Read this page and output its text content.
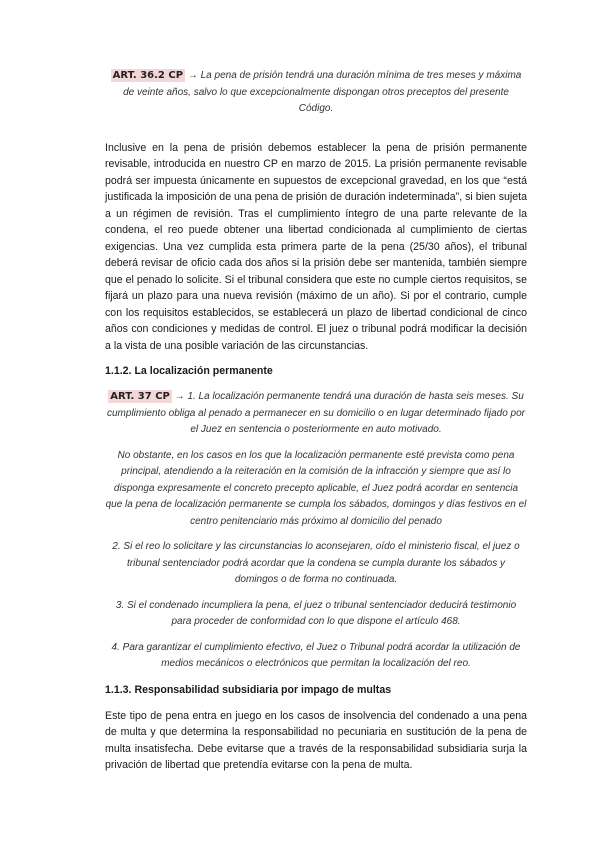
ART. 36.2 CP → La pena de prisión tendrá una duración mínima de tres meses y máxima de veinte años, salvo lo que excepcionalmente dispongan otros preceptos del presente Código.

Inclusive en la pena de prisión debemos establecer la pena de prisión permanente revisable, introducida en nuestro CP en marzo de 2015. La prisión permanente revisable podrá ser impuesta únicamente en supuestos de excepcional gravedad, en los que “está justificada la imposición de una pena de prisión de duración indeterminada”, si bien sujeta a un régimen de revisión. Tras el cumplimiento íntegro de una parte relevante de la condena, el reo puede obtener una libertad condicionada al cumplimiento de ciertas exigencias. Una vez cumplida esta primera parte de la pena (25/30 años), el tribunal deberá revisar de oficio cada dos años si la prisión debe ser mantenida, también siempre que el penado lo solicite. Si el tribunal considera que este no cumple ciertos requisitos, se fijará un plazo para una nueva revisión (máximo de un año). Si por el contrario, cumple con los requisitos establecidos, se establecerá un plazo de libertad condicional de cinco años con condiciones y medidas de control. El juez o tribunal podrá modificar la decisión a la vista de una posible variación de las circunstancias.

1.1.2. La localización permanente

ART. 37 CP → 1. La localización permanente tendrá una duración de hasta seis meses. Su cumplimiento obliga al penado a permanecer en su domicilio o en lugar determinado fijado por el Juez en sentencia o posteriormente en auto motivado.

No obstante, en los casos en los que la localización permanente esté prevista como pena principal, atendiendo a la reiteración en la comisión de la infracción y siempre que así lo disponga expresamente el concreto precepto aplicable, el Juez podrá acordar en sentencia que la pena de localización permanente se cumpla los sábados, domingos y días festivos en el centro penitenciario más próximo al domicilio del penado

2. Si el reo lo solicitare y las circunstancias lo aconsejaren, oído el ministerio fiscal, el juez o tribunal sentenciador podrá acordar que la condena se cumpla durante los sábados y domingos o de forma no continuada.

3. Si el condenado incumpliera la pena, el juez o tribunal sentenciador deducirá testimonio para proceder de conformidad con lo que dispone el artículo 468.

4. Para garantizar el cumplimiento efectivo, el Juez o Tribunal podrá acordar la utilización de medios mecánicos o electrónicos que permitan la localización del reo.

1.1.3. Responsabilidad subsidiaria por impago de multas

Este tipo de pena entra en juego en los casos de insolvencia del condenado a una pena de multa y que determina la responsabilidad no pecuniaria en sustitución de la pena de multa insatisfecha. Debe evitarse que a través de la responsabilidad subsidiaria surja la privación de libertad que pretendía evitarse con la pena de multa.
